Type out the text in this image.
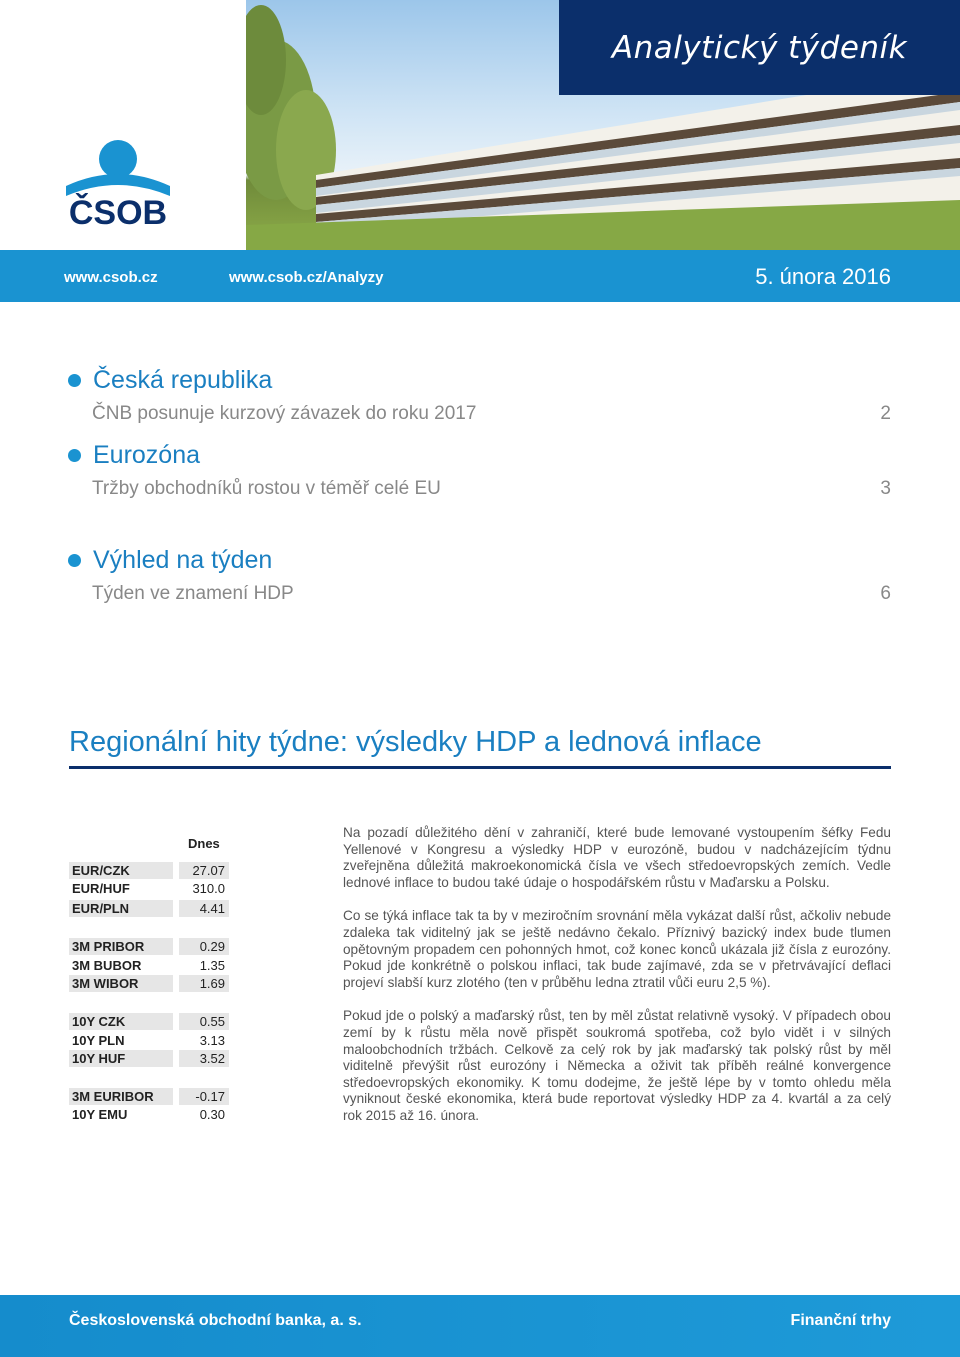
ČSOB
Analytický týdeník
www.csob.cz	www.csob.cz/Analyzy	5. února 2016
Česká republika
ČNB posunuje kurzový závazek do roku 2017	2
Eurozóna
Tržby obchodníků rostou v téměř celé EU	3
Výhled na týden
Týden ve znamení HDP	6
Regionální hity týdne: výsledky HDP a lednová inflace
Dnes
EUR/CZK	27.07
EUR/HUF	310.0
EUR/PLN	4.41
3M PRIBOR	0.29
3M BUBOR	1.35
3M WIBOR	1.69
10Y CZK	0.55
10Y PLN	3.13
10Y HUF	3.52
3M EURIBOR	-0.17
10Y EMU	0.30

Na pozadí důležitého dění v zahraničí, které bude lemované vystoupením šéfky Fedu Yellenové v Kongresu a výsledky HDP v eurozóně, budou v nadcházejícím týdnu zveřejněna důležitá makroekonomická čísla ve všech středoevropských zemích. Vedle lednové inflace to budou také údaje o hospodářském růstu v Maďarsku a Polsku.

Co se týká inflace tak ta by v meziročním srovnání měla vykázat další růst, ačkoliv nebude zdaleka tak viditelný jak se ještě nedávno čekalo. Příznivý bazický index bude tlumen opětovným propadem cen pohonných hmot, což konec konců ukázala již čísla z eurozóny. Pokud jde konkrétně o polskou inflaci, tak bude zajímavé, zda se v přetrvávající deflaci projeví slabší kurz zlotého (ten v průběhu ledna ztratil vůči euru 2,5 %).

Pokud jde o polský a maďarský růst, ten by měl zůstat relativně vysoký. V případech obou zemí by k růstu měla nově přispět soukromá spotřeba, což bylo vidět i v silných maloobchodních tržbách. Celkově za celý rok by jak maďarský tak polský růst by měl viditelně převýšit růst eurozóny i Německa a oživit tak příběh reálné konvergence středoevropských ekonomiky. K tomu dodejme, že ještě lépe by v tomto ohledu měla vyniknout české ekonomika, která bude reportovat výsledky HDP za 4. kvartál a za celý rok 2015 až 16. února.

Československá obchodní banka, a. s.	Finanční trhy
